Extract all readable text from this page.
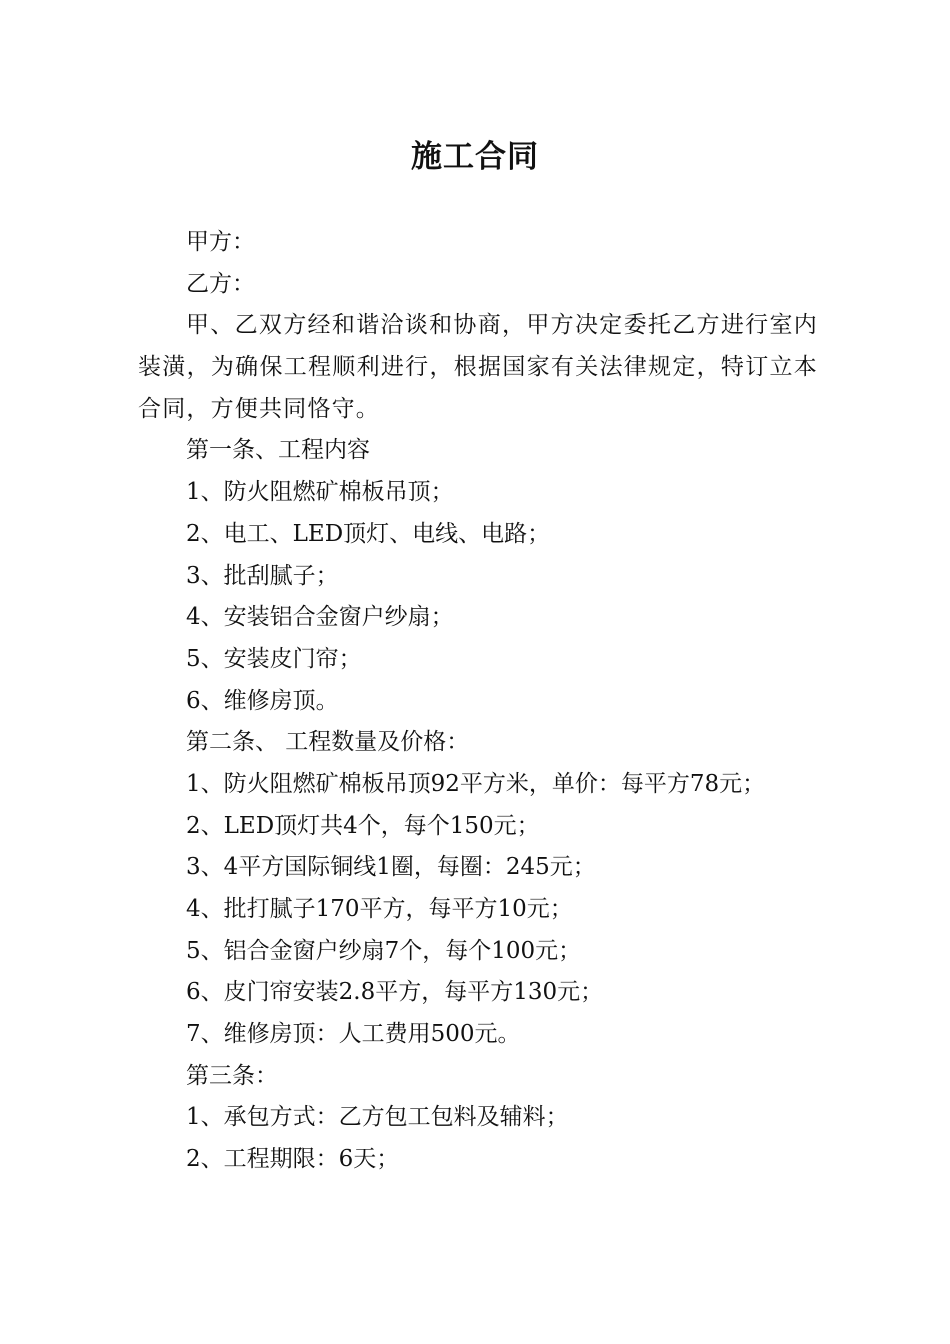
施工合同
甲方：
乙方：

甲、乙双方经和谐洽谈和协商，甲方决定委托乙方进行室内装潢，为确保工程顺利进行，根据国家有关法律规定，特订立本合同，方便共同恪守。

第一条、工程内容
1、防火阻燃矿棉板吊顶；
2、电工、LED顶灯、电线、电路；
3、批刮腻子；
4、安装铝合金窗户纱扇；
5、安装皮门帘；
6、维修房顶。
第二条、 工程数量及价格：
1、防火阻燃矿棉板吊顶92平方米，单价：每平方78元；
2、LED顶灯共4个，每个150元；
3、4平方国际铜线1圈，每圈：245元；
4、批打腻子170平方，每平方10元；
5、铝合金窗户纱扇7个，每个100元；
6、皮门帘安装2.8平方，每平方130元；
7、维修房顶：人工费用500元。
第三条：
1、承包方式：乙方包工包料及辅料；
2、工程期限：6天；
